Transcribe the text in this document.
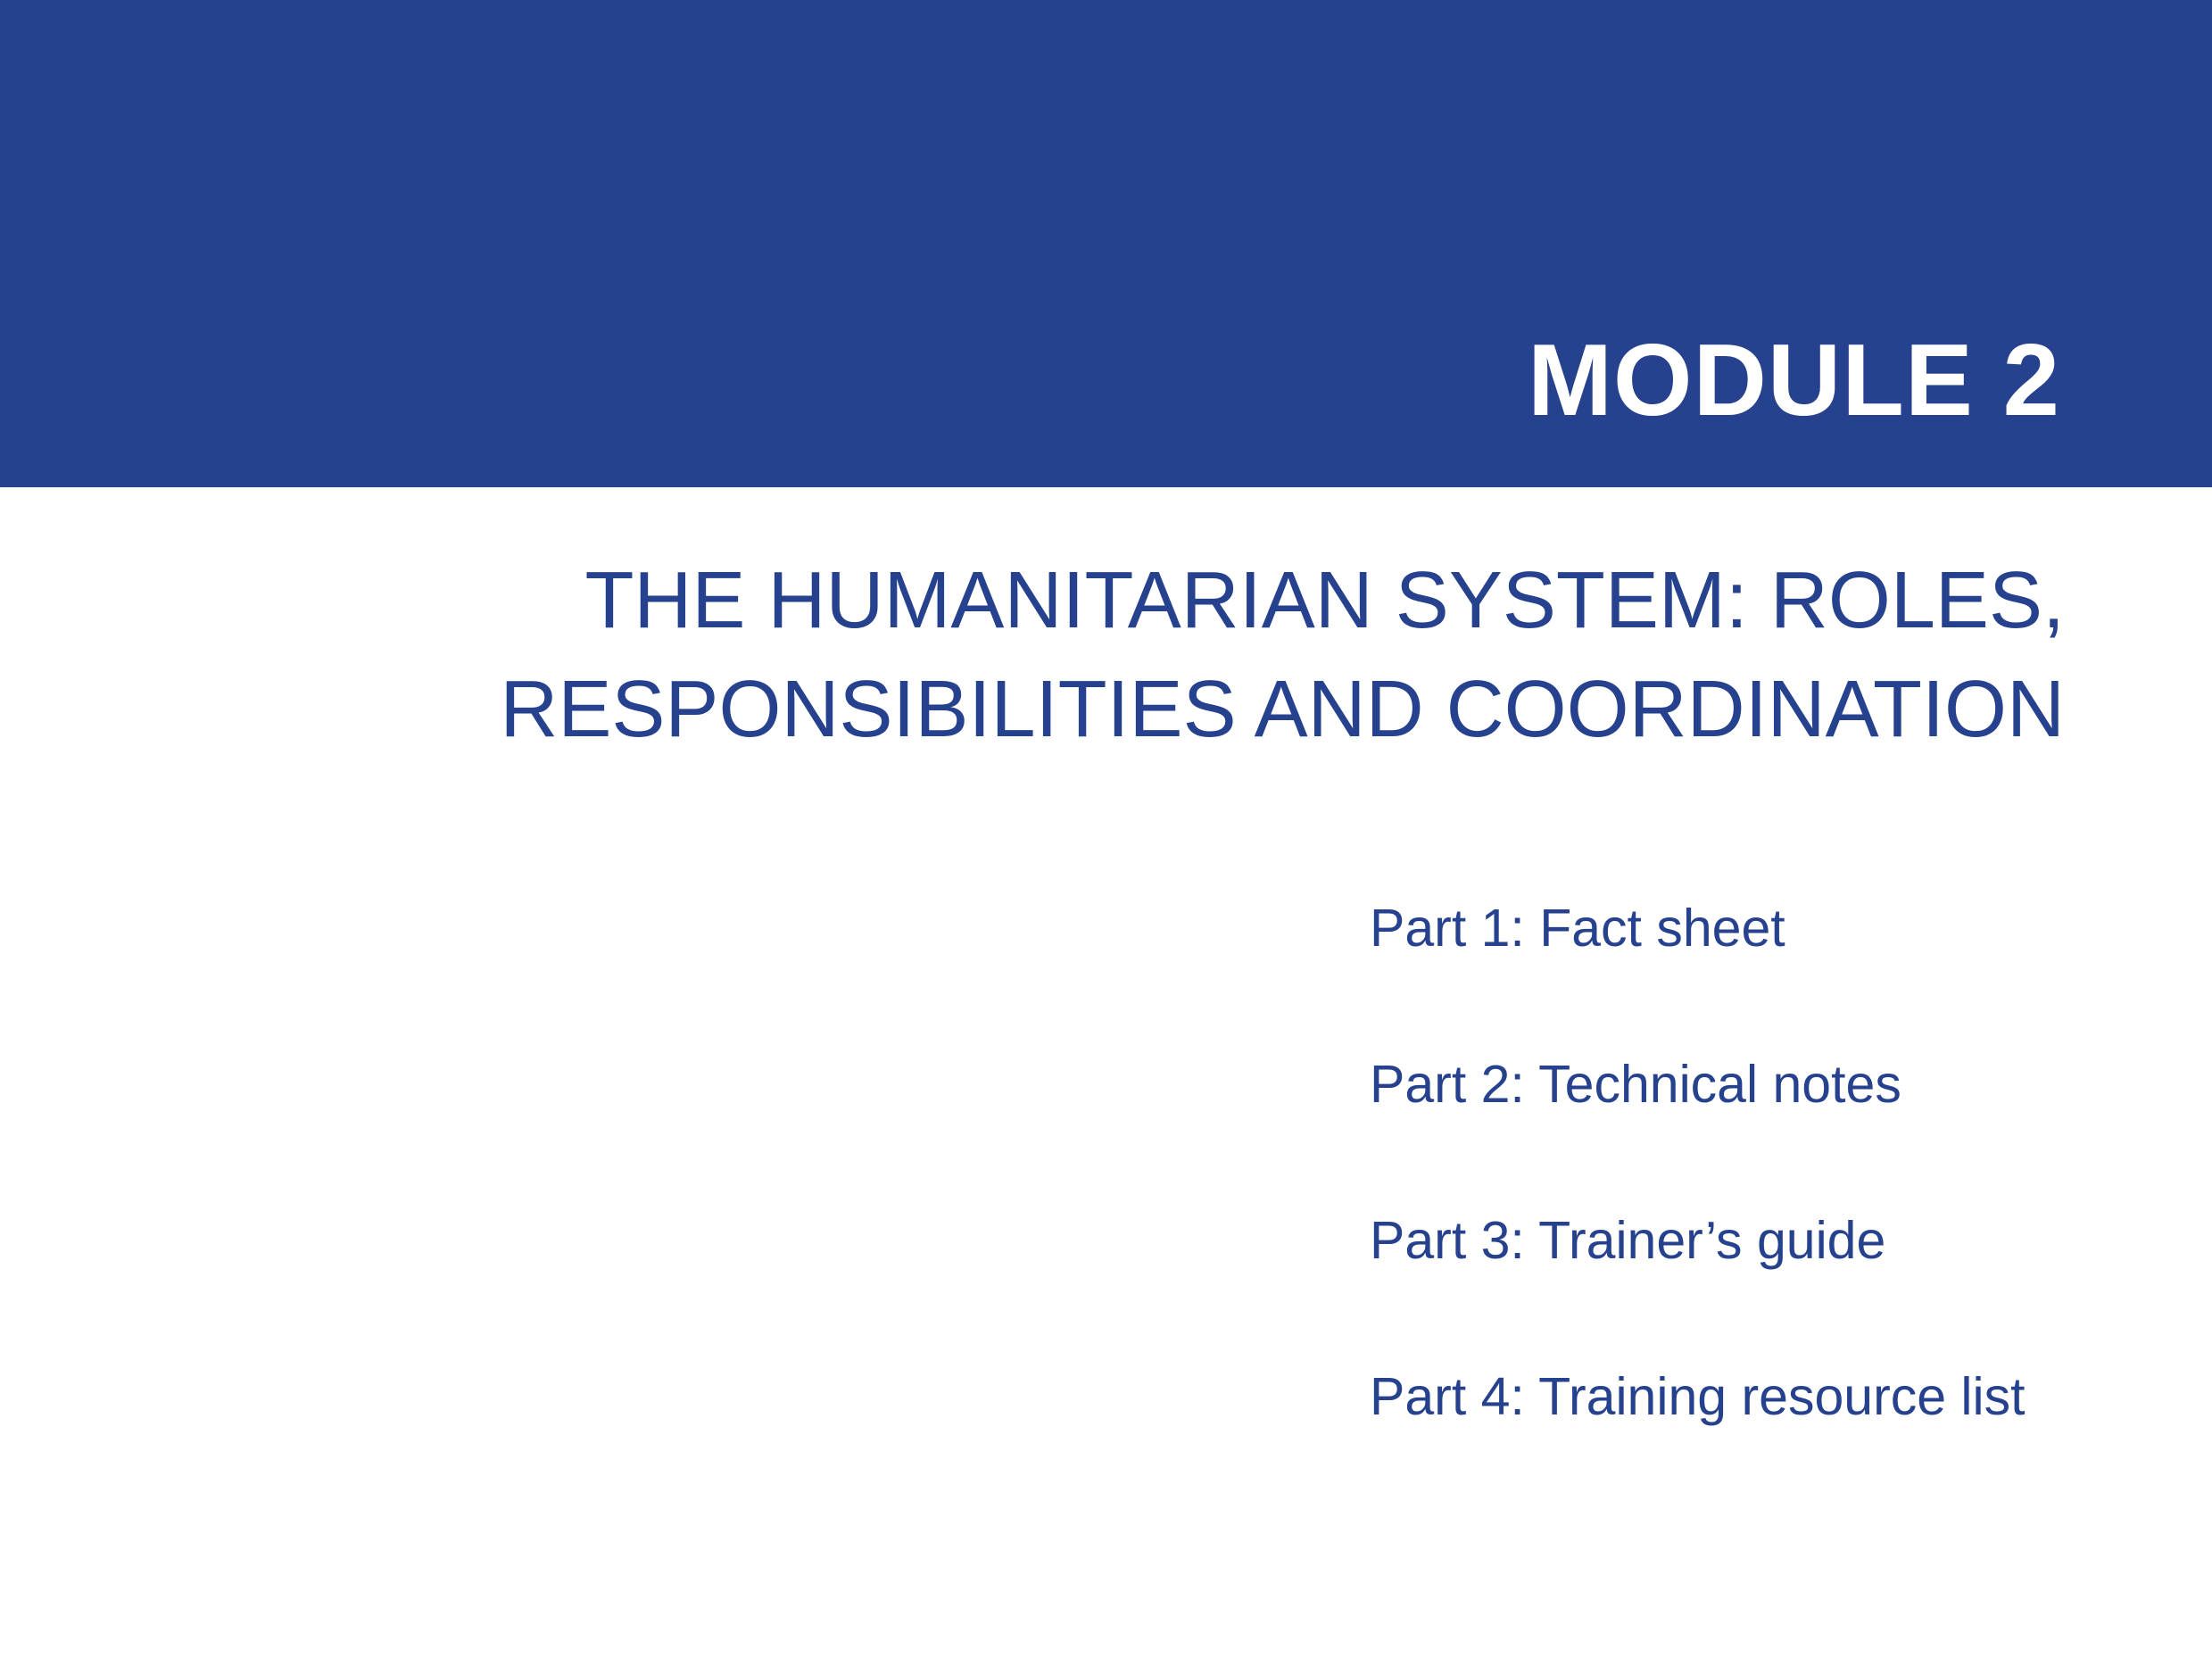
MODULE 2
THE HUMANITARIAN SYSTEM: ROLES,
RESPONSIBILITIES AND COORDINATION
Part 1: Fact sheet
Part 2: Technical notes
Part 3: Trainer’s guide
Part 4: Training resource list
